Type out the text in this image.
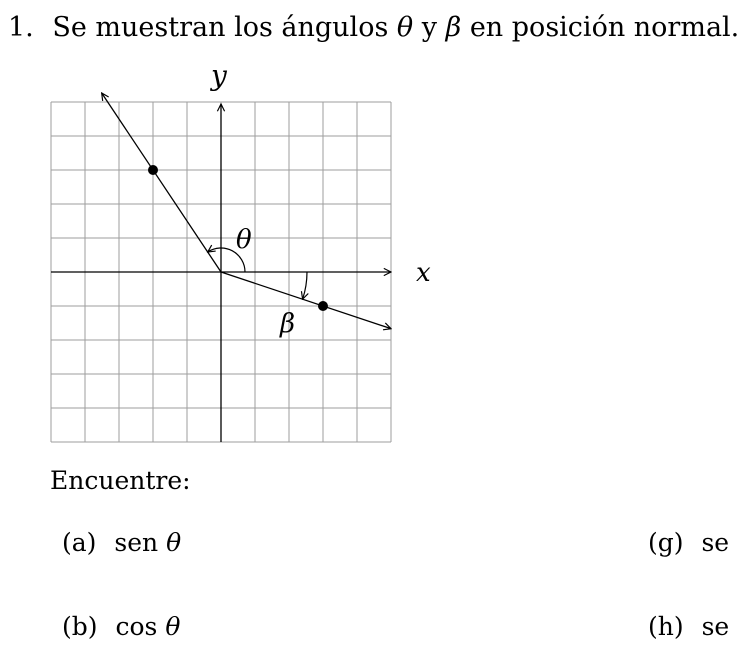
1. Se muestran los ángulos θ y β en posición normal.
x
y
θ
β
Encuentre:
(a) sen θ
(b) cos θ
(g) se
(h) se
